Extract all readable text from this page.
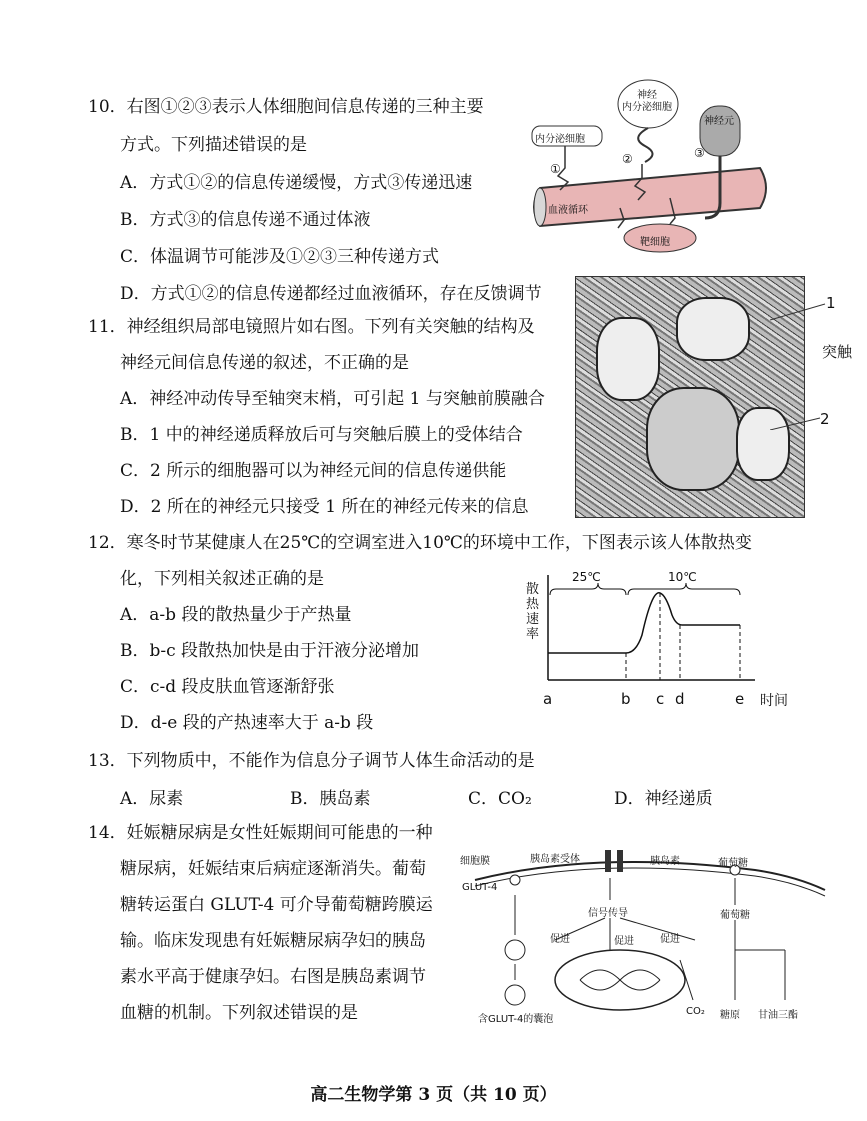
10．右图①②③表示人体细胞间信息传递的三种主要
方式。下列描述错误的是
A．方式①②的信息传递缓慢，方式③传递迅速
B．方式③的信息传递不通过体液
C．体温调节可能涉及①②③三种传递方式
D．方式①②的信息传递都经过血液循环，存在反馈调节
内分泌细胞
神经
内分泌细胞
神经元
血液循环
靶细胞
①
②	③
11．神经组织局部电镜照片如右图。下列有关突触的结构及
神经元间信息传递的叙述，不正确的是
A．神经冲动传导至轴突末梢，可引起 1 与突触前膜融合
B．1 中的神经递质释放后可与突触后膜上的受体结合
C．2 所示的细胞器可以为神经元间的信息传递供能
D．2 所在的神经元只接受 1 所在的神经元传来的信息
1
突触
2
12．寒冬时节某健康人在25℃的空调室进入10℃的环境中工作，下图表示该人体散热变
化，下列相关叙述正确的是
A．a-b 段的散热量少于产热量
B．b-c 段散热加快是由于汗液分泌增加
C．c-d 段皮肤血管逐渐舒张
D．d-e 段的产热速率大于 a-b 段
散热速率
25℃	10℃
a	b c d	e 时间
13．下列物质中，不能作为信息分子调节人体生命活动的是
A．尿素	B．胰岛素	C．CO₂	D．神经递质
14．妊娠糖尿病是女性妊娠期间可能患的一种
糖尿病，妊娠结束后病症逐渐消失。葡萄
糖转运蛋白 GLUT-4 可介导葡萄糖跨膜运
输。临床发现患有妊娠糖尿病孕妇的胰岛
素水平高于健康孕妇。右图是胰岛素调节
血糖的机制。下列叙述错误的是
细胞膜	胰岛素受体	胰岛素	葡萄糖
GLUT-4
信号传导
促进	促进	促进
葡萄糖
含GLUT-4的囊泡
CO₂ 糖原 甘油三酯
高二生物学第 3 页（共 10 页）
